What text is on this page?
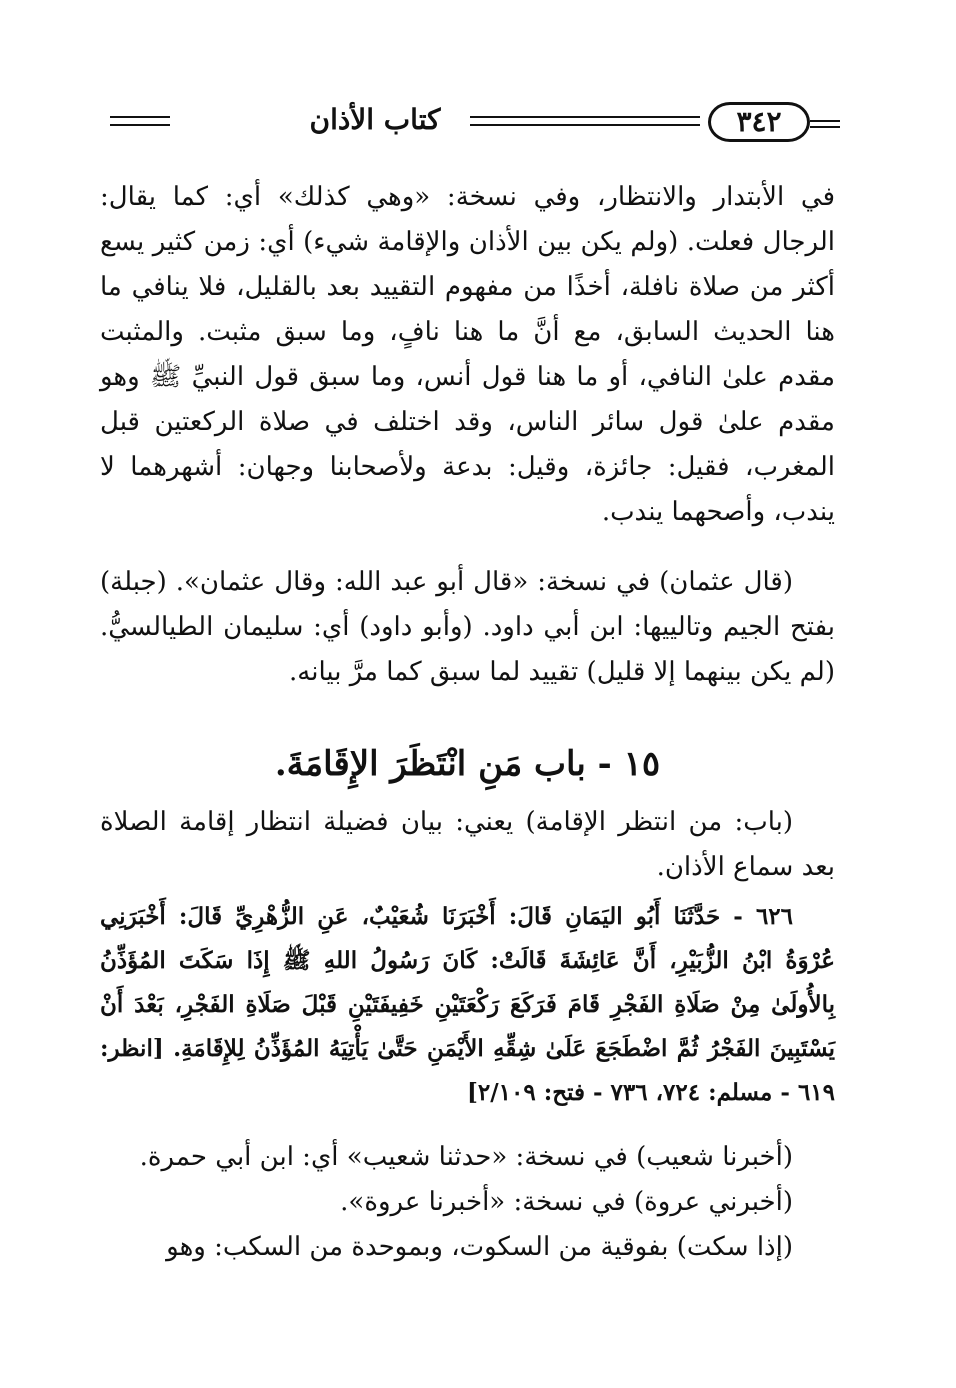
كتاب الأذان	٣٤٢

في الأبتدار والانتظار، وفي نسخة: «وهي كذلك» أي: كما يقال: الرجال فعلت. (ولم يكن بين الأذان والإقامة شيء) أي: زمن كثير يسع أكثر من صلاة نافلة، أخذًا من مفهوم التقييد بعد بالقليل، فلا ينافي ما هنا الحديث السابق، مع أنَّ ما هنا نافٍ، وما سبق مثبت. والمثبت مقدم علىٰ النافي، أو ما هنا قول أنس، وما سبق قول النبيِّ ﷺ وهو مقدم علىٰ قول سائر الناس، وقد اختلف في صلاة الركعتين قبل المغرب، فقيل: جائزة، وقيل: بدعة ولأصحابنا وجهان: أشهرهما لا يندب، وأصحهما يندب.

(قال عثمان) في نسخة: «قال أبو عبد الله: وقال عثمان». (جبلة) بفتح الجيم وتالييها: ابن أبي داود. (وأبو داود) أي: سليمان الطيالسيُّ. (لم يكن بينهما إلا قليل) تقييد لما سبق كما مرَّ بيانه.

١٥ - باب مَنِ انْتَظَرَ الإِقَامَةَ.

(باب: من انتظر الإقامة) يعني: بيان فضيلة انتظار إقامة الصلاة بعد سماع الأذان.

٦٢٦ - حَدَّثَنَا أَبُو اليَمَانِ قَالَ: أَخْبَرَنَا شُعَيْبٌ، عَنِ الزُّهْرِيِّ قَالَ: أَخْبَرَنِي عُرْوَةُ ابْنُ الزُّبَيْرِ، أَنَّ عَائِشَةَ قَالَتْ: كَانَ رَسُولُ اللهِ ﷺ إِذَا سَكَتَ المُؤَذِّنُ بِالأُولَىٰ مِنْ صَلَاةِ الفَجْرِ قَامَ فَرَكَعَ رَكْعَتَيْنِ خَفِيفَتَيْنِ قَبْلَ صَلَاةِ الفَجْرِ، بَعْدَ أَنْ يَسْتَبِينَ الفَجْرُ ثُمَّ اضْطَجَعَ عَلَىٰ شِقِّهِ الأَيْمَنِ حَتَّىٰ يَأْتِيَهُ المُؤَذِّنُ لِلإِقَامَةِ. [انظر: ٦١٩ - مسلم: ٧٢٤، ٧٣٦ - فتح: ٢/١٠٩]

(أخبرنا شعيب) في نسخة: «حدثنا شعيب» أي: ابن أبي حمرة.

(أخبرني عروة) في نسخة: «أخبرنا عروة».

(إذا سكت) بفوقية من السكوت، وبموحدة من السكب: وهو
